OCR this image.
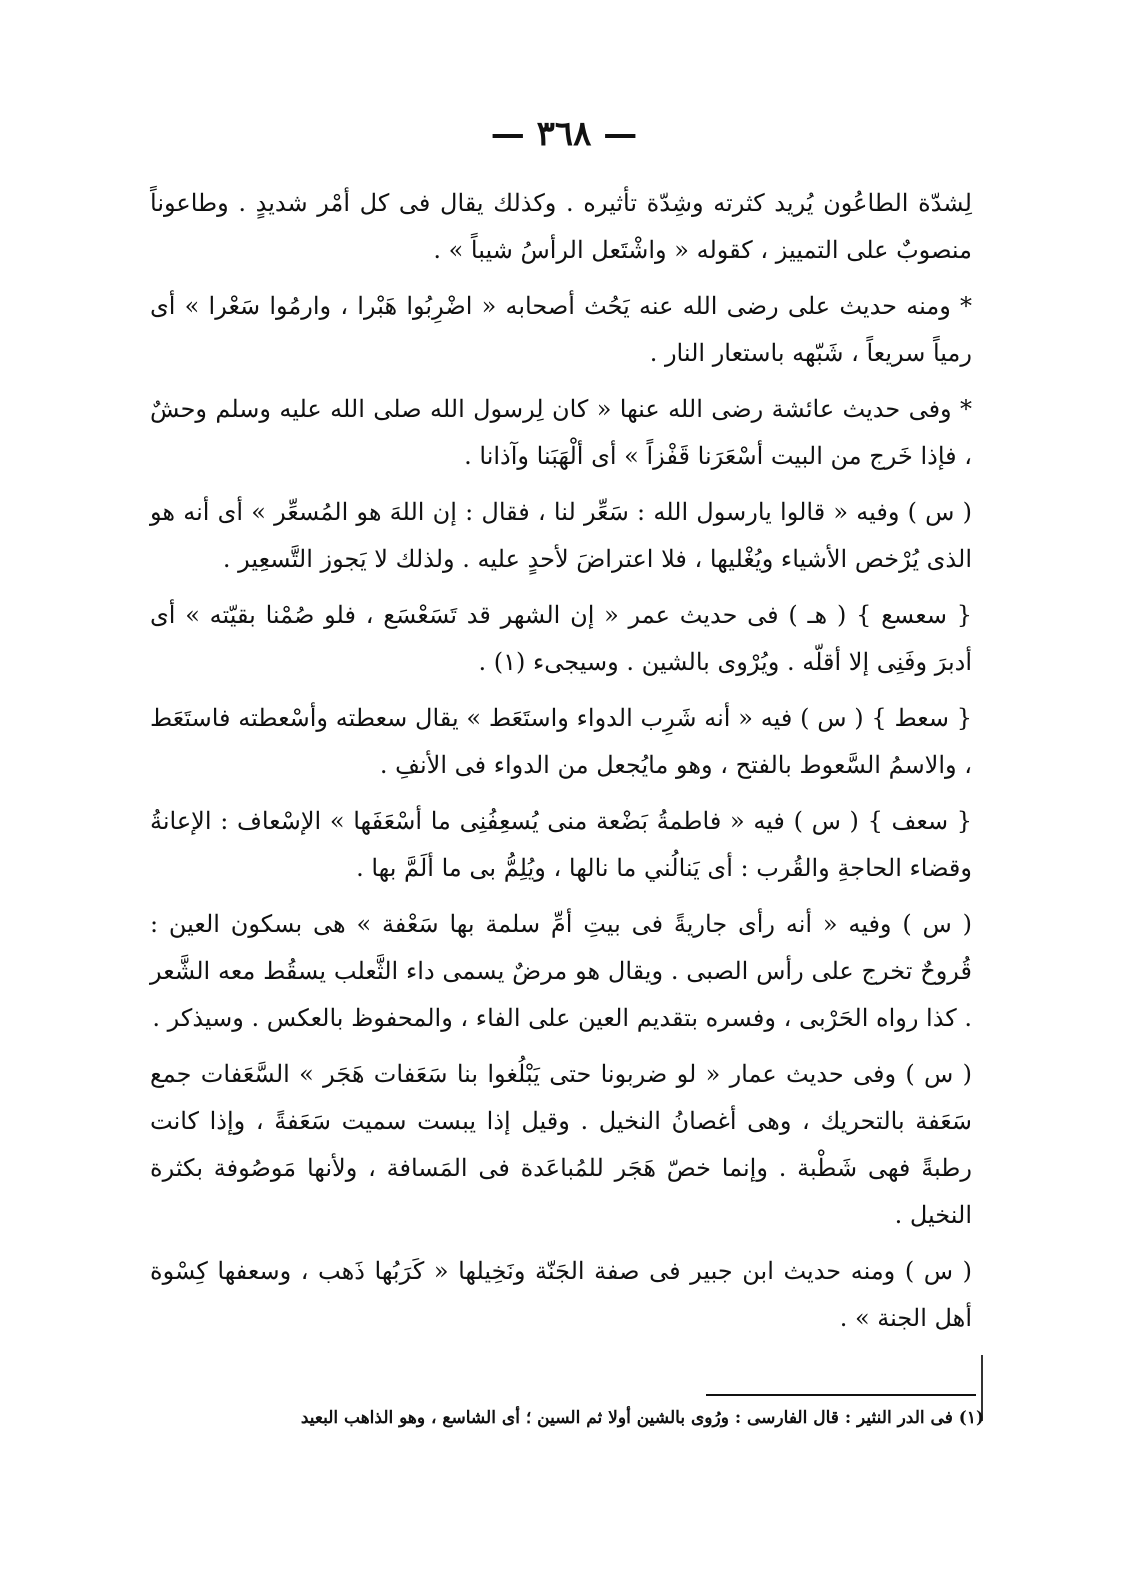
— ٣٦٨ —

لِشدّة الطاعُون يُريد كثرته وشِدّة تأثيره . وكذلك يقال فى كل أمْر شديدٍ . وطاعوناً منصوبٌ على التمييز ، كقوله « واشْتَعل الرأسُ شيباً » .

* ومنه حديث على رضى الله عنه يَحُث أصحابه « اضْرِبُوا هَبْرا ، وارمُوا سَعْرا » أى رمياً سريعاً ، شَبّهه باستعار النار .

* وفى حديث عائشة رضى الله عنها « كان لِرسول الله صلى الله عليه وسلم وحشٌ ، فإذا خَرج من البيت أسْعَرَنا قَفْزاً » أى ألْهَبَنا وآذانا .

( س ) وفيه « قالوا يارسول الله : سَعِّر لنا ، فقال : إن اللهَ هو المُسعِّر » أى أنه هو الذى يُرْخص الأشياء ويُغْليها ، فلا اعتراضَ لأحدٍ عليه . ولذلك لا يَجوز التَّسعِير .

{ سعسع } ( هـ ) فى حديث عمر « إن الشهر قد تَسَعْسَع ، فلو صُمْنا بقيّته » أى أدبرَ وفَنِى إلا أقلّه . ويُرْوى بالشين . وسيجىء (١) .

{ سعط } ( س ) فيه « أنه شَرِب الدواء واستَعَط » يقال سعطته وأسْعطته فاستَعَط ، والاسمُ السَّعوط بالفتح ، وهو مايُجعل من الدواء فى الأنفِ .

{ سعف } ( س ) فيه « فاطمةُ بَضْعة منى يُسعِفُنِى ما أسْعَفَها » الإسْعاف : الإعانةُ وقضاء الحاجةِ والقُرب : أى يَنالُني ما نالها ، ويُلِمُّ بى ما ألَمَّ بها .

( س ) وفيه « أنه رأى جاريةً فى بيتِ أمِّ سلمة بها سَعْفة » هى بسكون العين : قُروحٌ تخرج على رأس الصبى . ويقال هو مرضٌ يسمى داء الثَّعلب يسقُط معه الشَّعر . كذا رواه الحَرْبى ، وفسره بتقديم العين على الفاء ، والمحفوظ بالعكس . وسيذكر .

( س ) وفى حديث عمار « لو ضربونا حتى يَبْلُغوا بنا سَعَفات هَجَر » السَّعَفات جمع سَعَفة بالتحريك ، وهى أغصانُ النخيل . وقيل إذا يبست سميت سَعَفةً ، وإذا كانت رطبةً فهى شَطْبة . وإنما خصّ هَجَر للمُباعَدة فى المَسافة ، ولأنها مَوصُوفة بكثرة النخيل .

( س ) ومنه حديث ابن جبير فى صفة الجَنّة ونَخِيلها « كَرَبُها ذَهب ، وسعفها كِسْوة أهل الجنة » .

(١) فى الدر النثير : قال الفارسى : ورُوى بالشين أولا ثم السين ؛ أى الشاسع ، وهو الذاهب البعيد
